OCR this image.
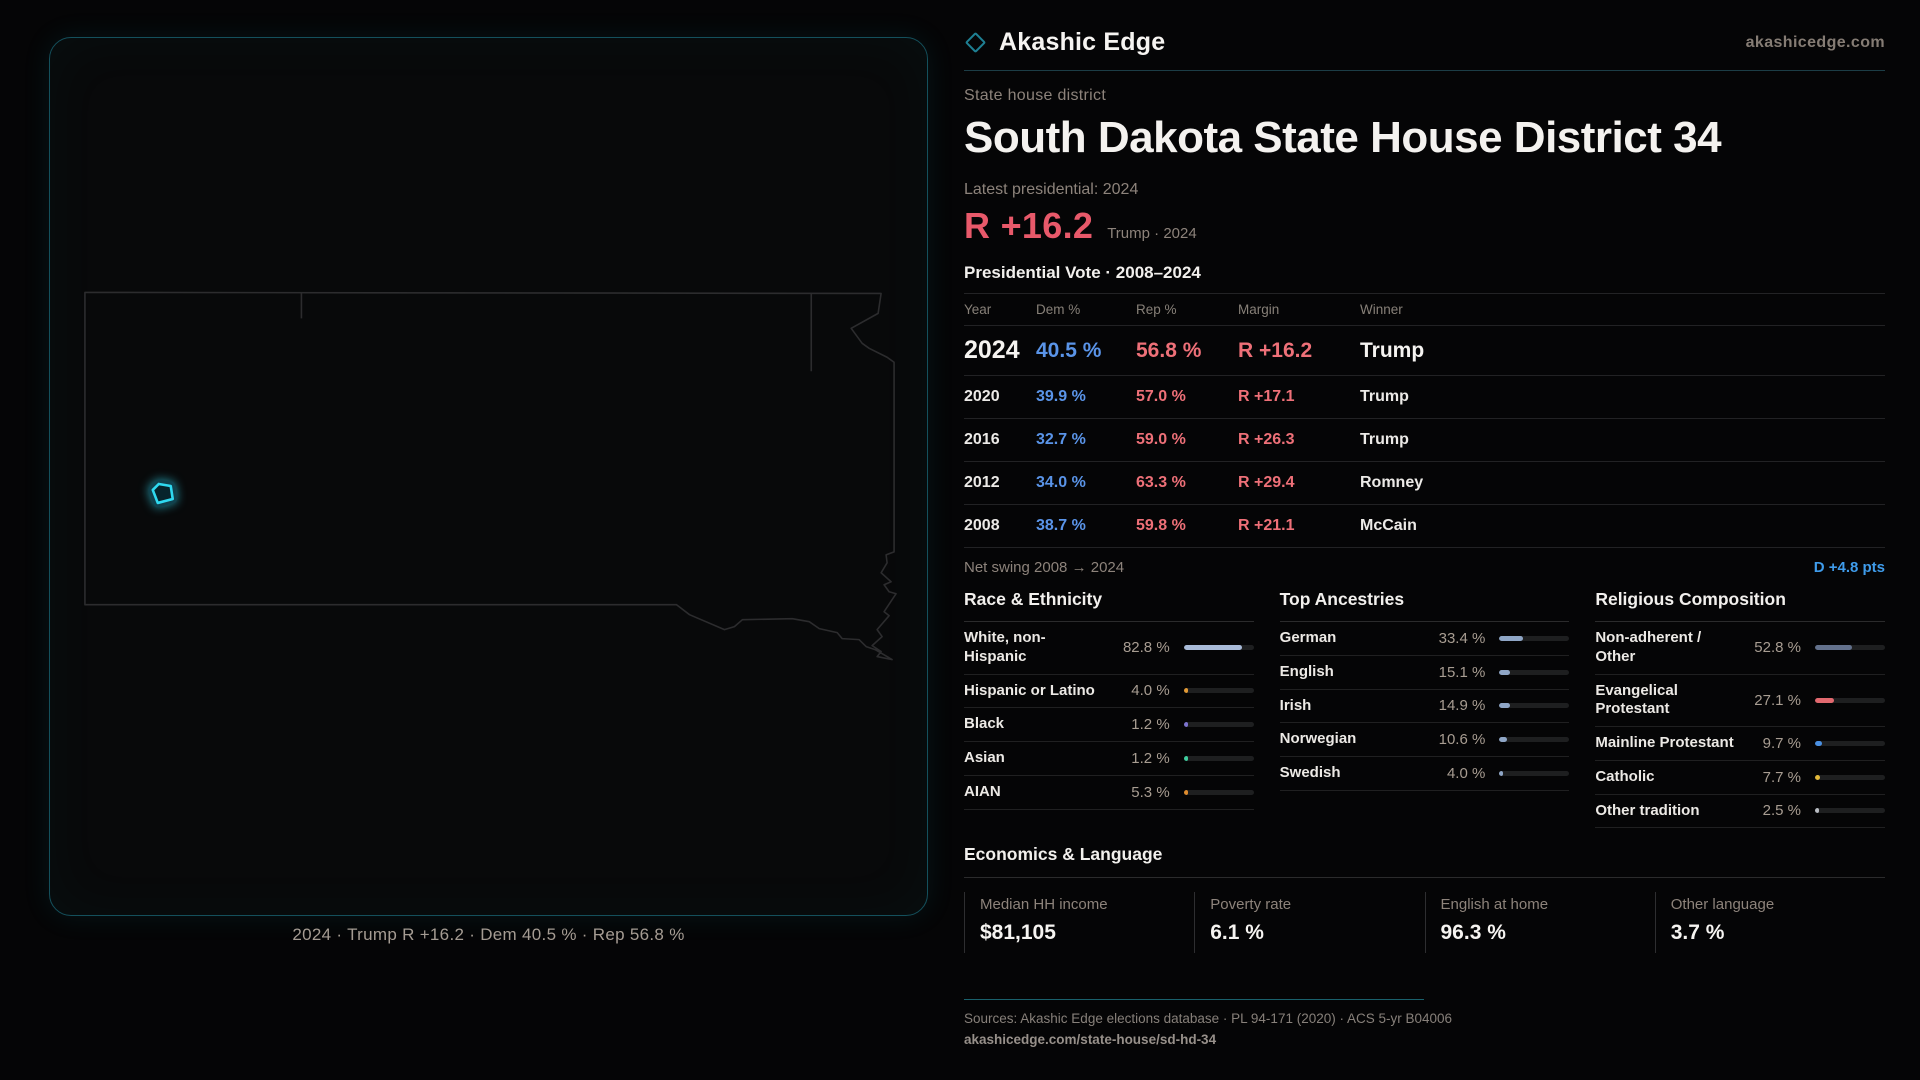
2024 · Trump R +16.2 · Dem 40.5 % · Rep 56.8 %
Akashic Edge	akashicedge.com
State house district
South Dakota State House District 34
Latest presidential: 2024
R +16.2 Trump · 2024
Presidential Vote · 2008–2024
Year	Dem %	Rep %	Margin	Winner
2024 40.5 %	56.8 %	R +16.2	Trump
2020	39.9 %	57.0 %	R +17.1	Trump
2016	32.7 %	59.0 %	R +26.3	Trump
2012	34.0 %	63.3 %	R +29.4	Romney
2008	38.7 %	59.8 %	R +21.1	McCain
Net swing 2008 → 2024	D +4.8 pts
Race & Ethnicity
White, non-Hispanic	82.8 %
Hispanic or Latino	4.0 %
Black	1.2 %
Asian	1.2 %
AIAN	5.3 %
Top Ancestries
German	33.4 %
English	15.1 %
Irish	14.9 %
Norwegian	10.6 %
Swedish	4.0 %
Religious Composition
Non-adherent / Other	52.8 %
Evangelical Protestant	27.1 %
Mainline Protestant	9.7 %
Catholic	7.7 %
Other tradition	2.5 %
Economics & Language
Median HH income
$81,105
Poverty rate
6.1 %
English at home
96.3 %
Other language
3.7 %
Sources: Akashic Edge elections database · PL 94-171 (2020) · ACS 5-yr B04006
akashicedge.com/state-house/sd-hd-34
